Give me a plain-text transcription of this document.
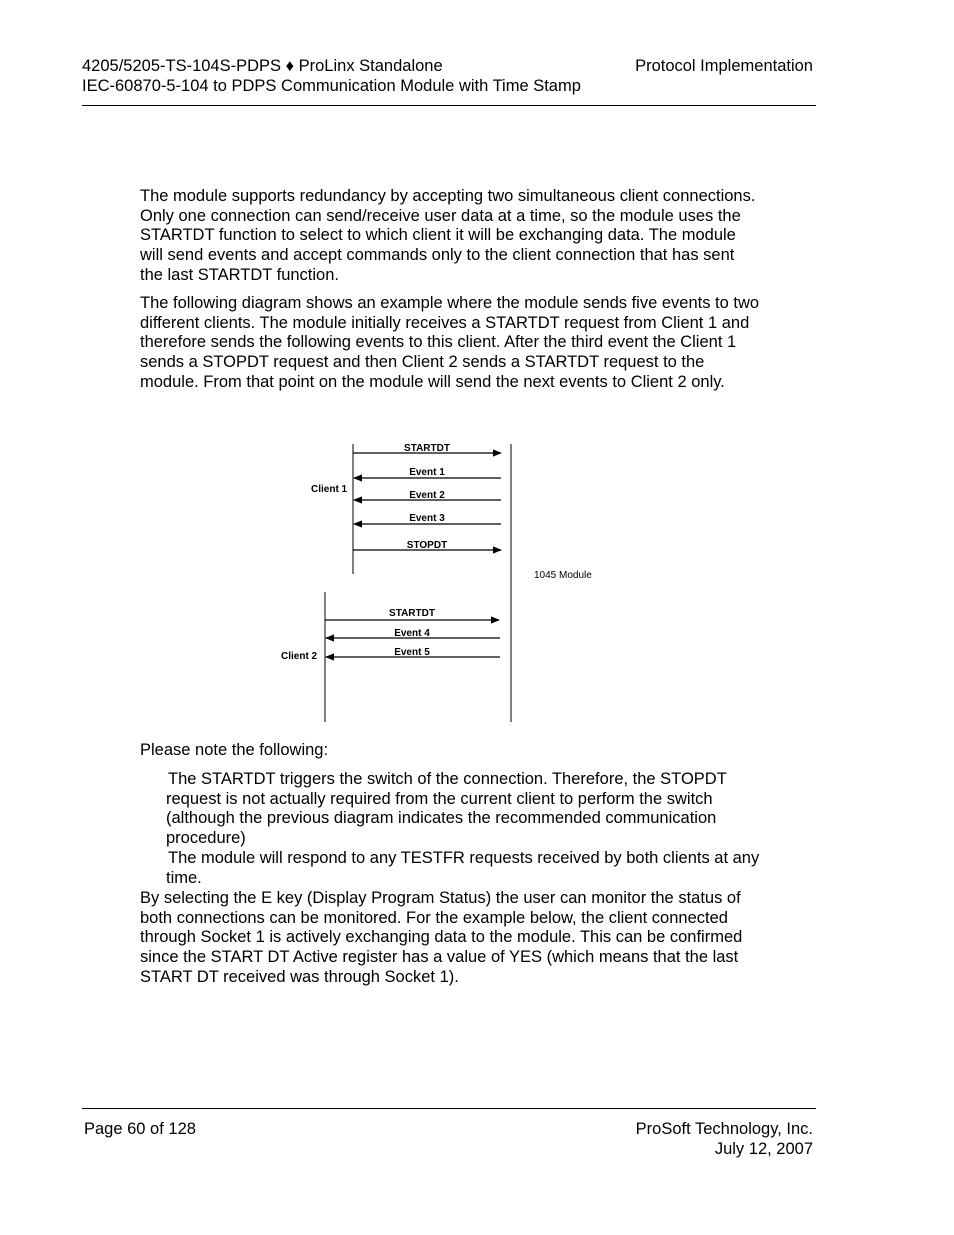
4205/5205-TS-104S-PDPS ♦ ProLinx Standalone
IEC-60870-5-104 to PDPS Communication Module with Time Stamp
Protocol Implementation

The module supports redundancy by accepting two simultaneous client connections. Only one connection can send/receive user data at a time, so the module uses the STARTDT function to select to which client it will be exchanging data. The module will send events and accept commands only to the client connection that has sent the last STARTDT function.

The following diagram shows an example where the module sends five events to two different clients. The module initially receives a STARTDT request from Client 1 and therefore sends the following events to this client. After the third event the Client 1 sends a STOPDT request and then Client 2 sends a STARTDT request to the module. From that point on the module will send the next events to Client 2 only.

Client 1
Client 2
1045 Module
STARTDT
Event 1
Event 2
Event 3
STOPDT
STARTDT
Event 4
Event 5

Please note the following:

The STARTDT triggers the switch of the connection. Therefore, the STOPDT request is not actually required from the current client to perform the switch (although the previous diagram indicates the recommended communication procedure)

The module will respond to any TESTFR requests received by both clients at any time.

By selecting the E key (Display Program Status) the user can monitor the status of both connections can be monitored. For the example below, the client connected through Socket 1 is actively exchanging data to the module. This can be confirmed since the START DT Active register has a value of YES (which means that the last START DT received was through Socket 1).

Page 60 of 128	ProSoft Technology, Inc.
July 12, 2007
